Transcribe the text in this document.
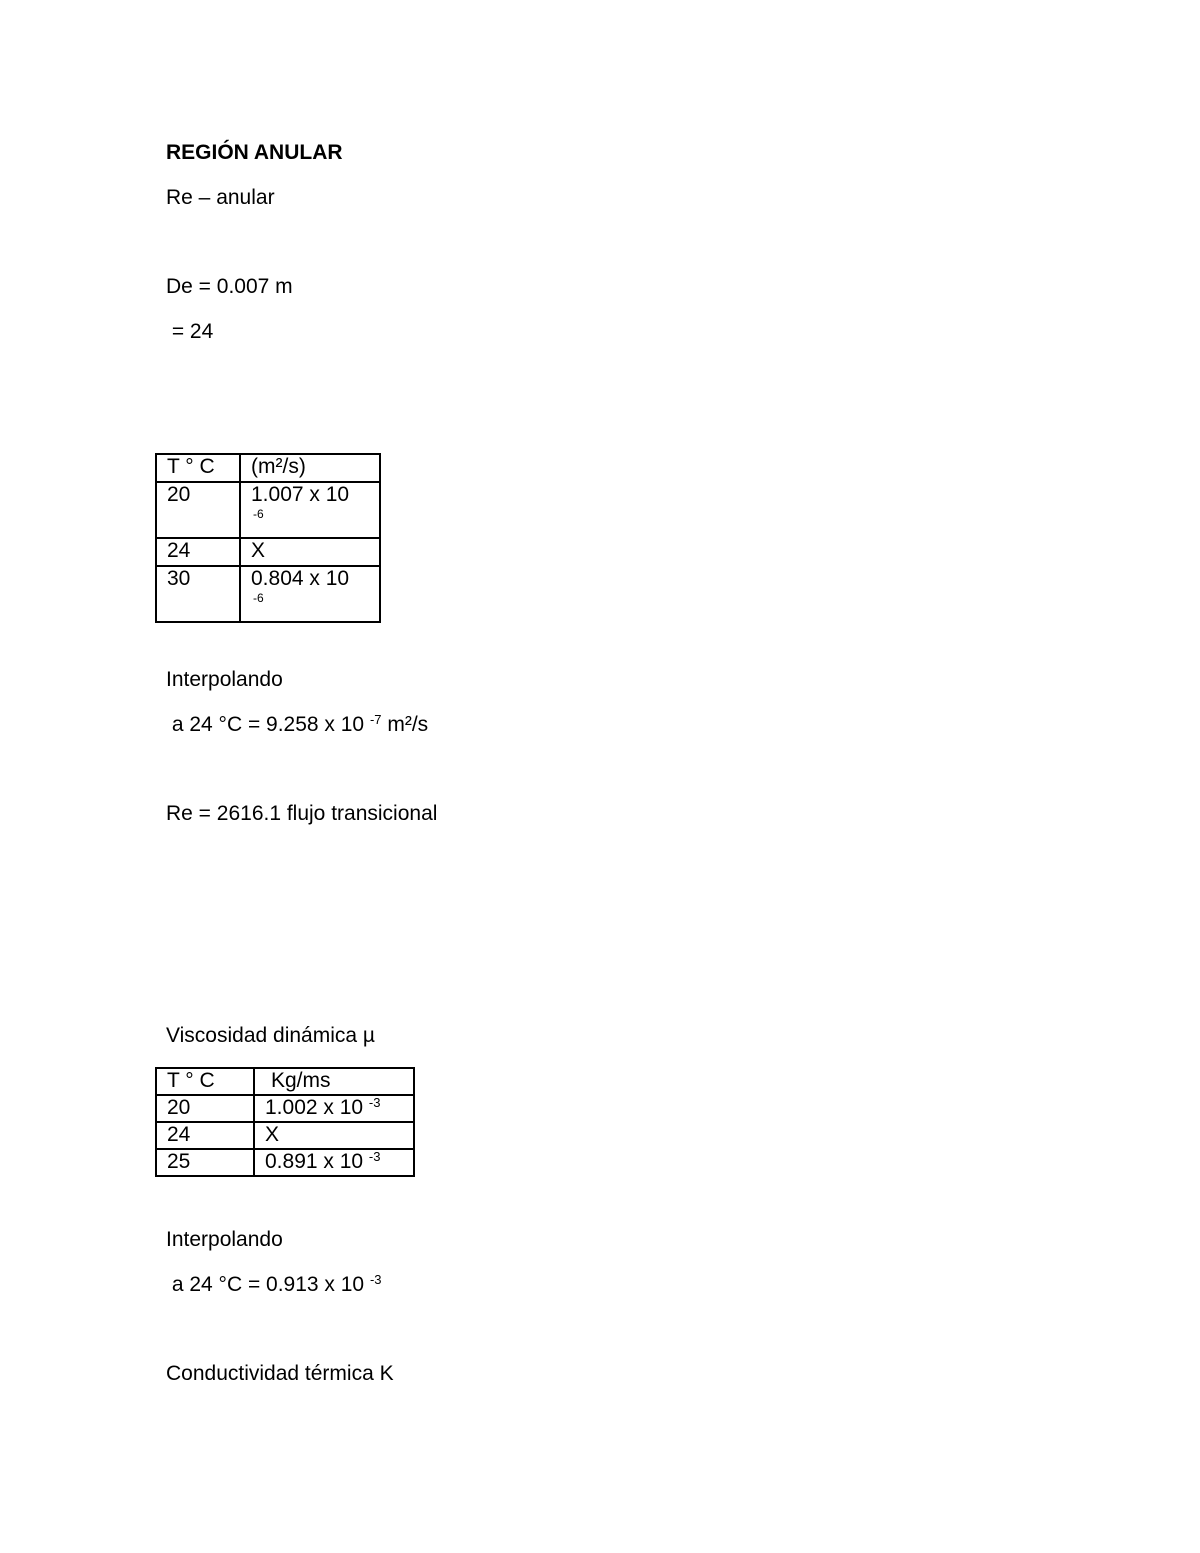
REGIÓN ANULAR
Re – anular
De = 0.007 m
= 24
T ° C	(m²/s)
20	1.007 x 10
-6

24	X
30	0.804 x 10
-6
Interpolando
a 24 °C = 9.258 x 10 $^{-7}$ m²/s
Re = 2616.1 flujo transicional
Viscosidad dinámica µ
T ° C	Kg/ms
20	1.002 x 10 $^{-3}$
24	X
25	0.891 x 10 $^{-3}$
Interpolando
a 24 °C = 0.913 x 10 $^{-3}$
Conductividad térmica K
